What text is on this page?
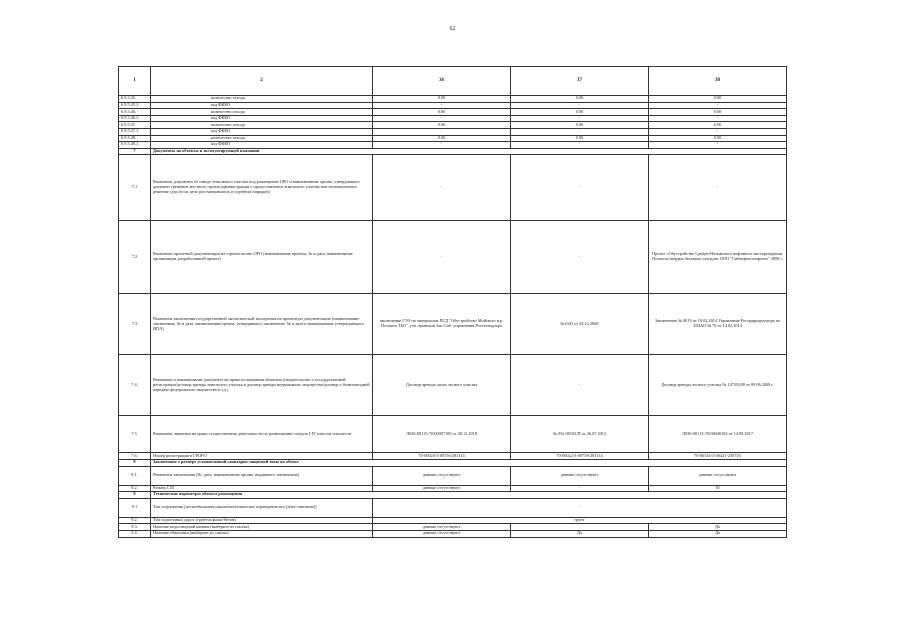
62
1	2	36	37	38
6.9.5.45.	количество отхода	0.00	0.00	0.00
6.9.5.45.1.	код ФККО	-	-	-
6.9.5.46.	количество отхода	0.00	0.00	0.00
6.9.5.46.1.	код ФККО	-	-	-
6.9.5.47.	количество отхода	0.00	0.00	0.00
6.9.5.47.1.	код ФККО	-	-	-
6.9.5.48.	количество отхода	0.00	0.00	0.00
6.9.5.48.1.	код ФККО	-	-	-
7	Документы на объекты и эксплуатирующей компании			
7.1	Реквизиты документа об отводе земельного участка под размещение ОРО и наименование органа, утвердившего документ (решение местного органа администрации о предоставлении земельного участка или положительное решение суда (если дело рассматривалось в судебном порядке))	-	-	-
7.2	Реквизиты проектной документации на строительство ОРО (наименование проекта, № и дата, наименование организации, разработавшей проект)	-	-	Проект «Обустройство Средне-Назымского нефтяного месторождения. Полигон твердых бытовых отходов» ООО "Сибнефтегазпроект" 2008 г.
7.3	Реквизиты заключения государственной экологической экспертизы на проектную документацию (наименование заключения, № и дата, наименование органа, утвердившего заключение, № и дата и наименование утверждающего НПА)	заключение ГЭЭ по материалам ПСД "Обустройство Мойского н.р. Полигон ТБО", утв. приказом Зап.Сиб. управления Ростехнадзора	№1041 от 22.12.2006	Заключение № 0019 от 10.02.2014 Управление Росприроднадзора по ХМАО № 76 от 14.02.2014
7.4.	Реквизиты и наименование документа на право пользования объектом (свидетельство о государственной регистрации/договор аренды земельного участка и договор аренды недвижимого имущества/договор о безвозмездной передаче федерального имущества и т.д.)	Договор аренды части лесного участка	-	Договор аренды лесного участка № 147/03/08 от 09.06.2008 г.
7.5.	Реквизиты лицензии на право осуществления деятельности по размещению отходов I-IV классов опасности	Л020-00113-70/00007183 от 28.12.2018	№ 054 00102/П от 26.07.2012	Л020-00113-70/00040182 от 14.09.2017
7.6.	Номер регистрации в ГРОРО	70-00020-З-00756-281114	70-00022-З-00758-281114	70-00134-З-00421-230716
8	Заключение о размере установленной санитарно-защитной зоны на объект			
8.1.	Реквизиты заключения (№, дата, наименование органа, выдавшего заключение)	данные отсутствуют	данные отсутствуют	данные отсутствуют
8.2.	Размер СЗЗ	данные отсутствуют	-	50
9	Технические параметры объекта размещения			
9.1	Тип сооружения (десятибалльная шкала/металлическое ограждение/ясе (лить описание))	-		
9.2.	Тип подъездных дорог (грунт/асфальт/бетон)	грунт		
9.3.	Наличие водоотводной канавы (выберите из списка)	данные отсутствуют		Да
9.4.	Наличие обваловки (выберите из списка)	данные отсутствуют	Да	Да
